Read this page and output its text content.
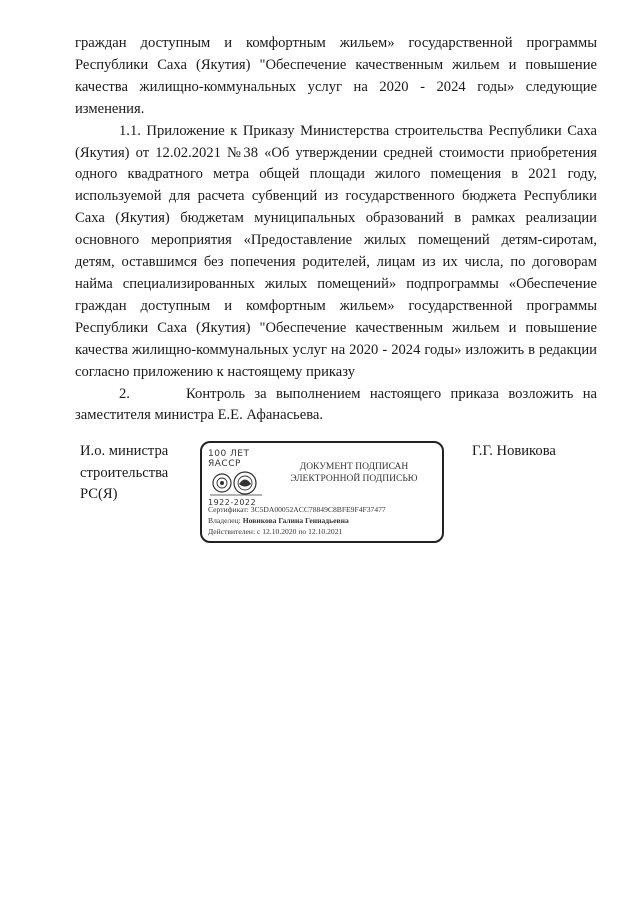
граждан доступным и комфортным жильем» государственной программы Республики Саха (Якутия) "Обеспечение качественным жильем и повышение качества жилищно-коммунальных услуг на 2020 - 2024 годы» следующие изменения.

1.1. Приложение к Приказу Министерства строительства Республики Саха (Якутия) от 12.02.2021 №38 «Об утверждении средней стоимости приобретения одного квадратного метра общей площади жилого помещения в 2021 году, используемой для расчета субвенций из государственного бюджета Республики Саха (Якутия) бюджетам муниципальных образований в рамках реализации основного мероприятия «Предоставление жилых помещений детям-сиротам, детям, оставшимся без попечения родителей, лицам из их числа, по договорам найма специализированных жилых помещений» подпрограммы «Обеспечение граждан доступным и комфортным жильем» государственной программы Республики Саха (Якутия) "Обеспечение качественным жильем и повышение качества жилищно-коммунальных услуг на 2020 - 2024 годы» изложить в редакции согласно приложению к настоящему приказу

2.      Контроль за выполнением настоящего приказа возложить на заместителя министра Е.Е. Афанасьева.

И.о. министра
строительства
РС(Я)
100 ЛЕТ
ЯАССР
1922-2022
ДОКУМЕНТ ПОДПИСАН
ЭЛЕКТРОННОЙ ПОДПИСЬЮ
Сертификат: 3C5DA00052ACC78849C8BFE9F4F37477
Владелец: Новикова Галина Геннадьевна
Действителен: с 12.10.2020 по 12.10.2021
Г.Г. Новикова
